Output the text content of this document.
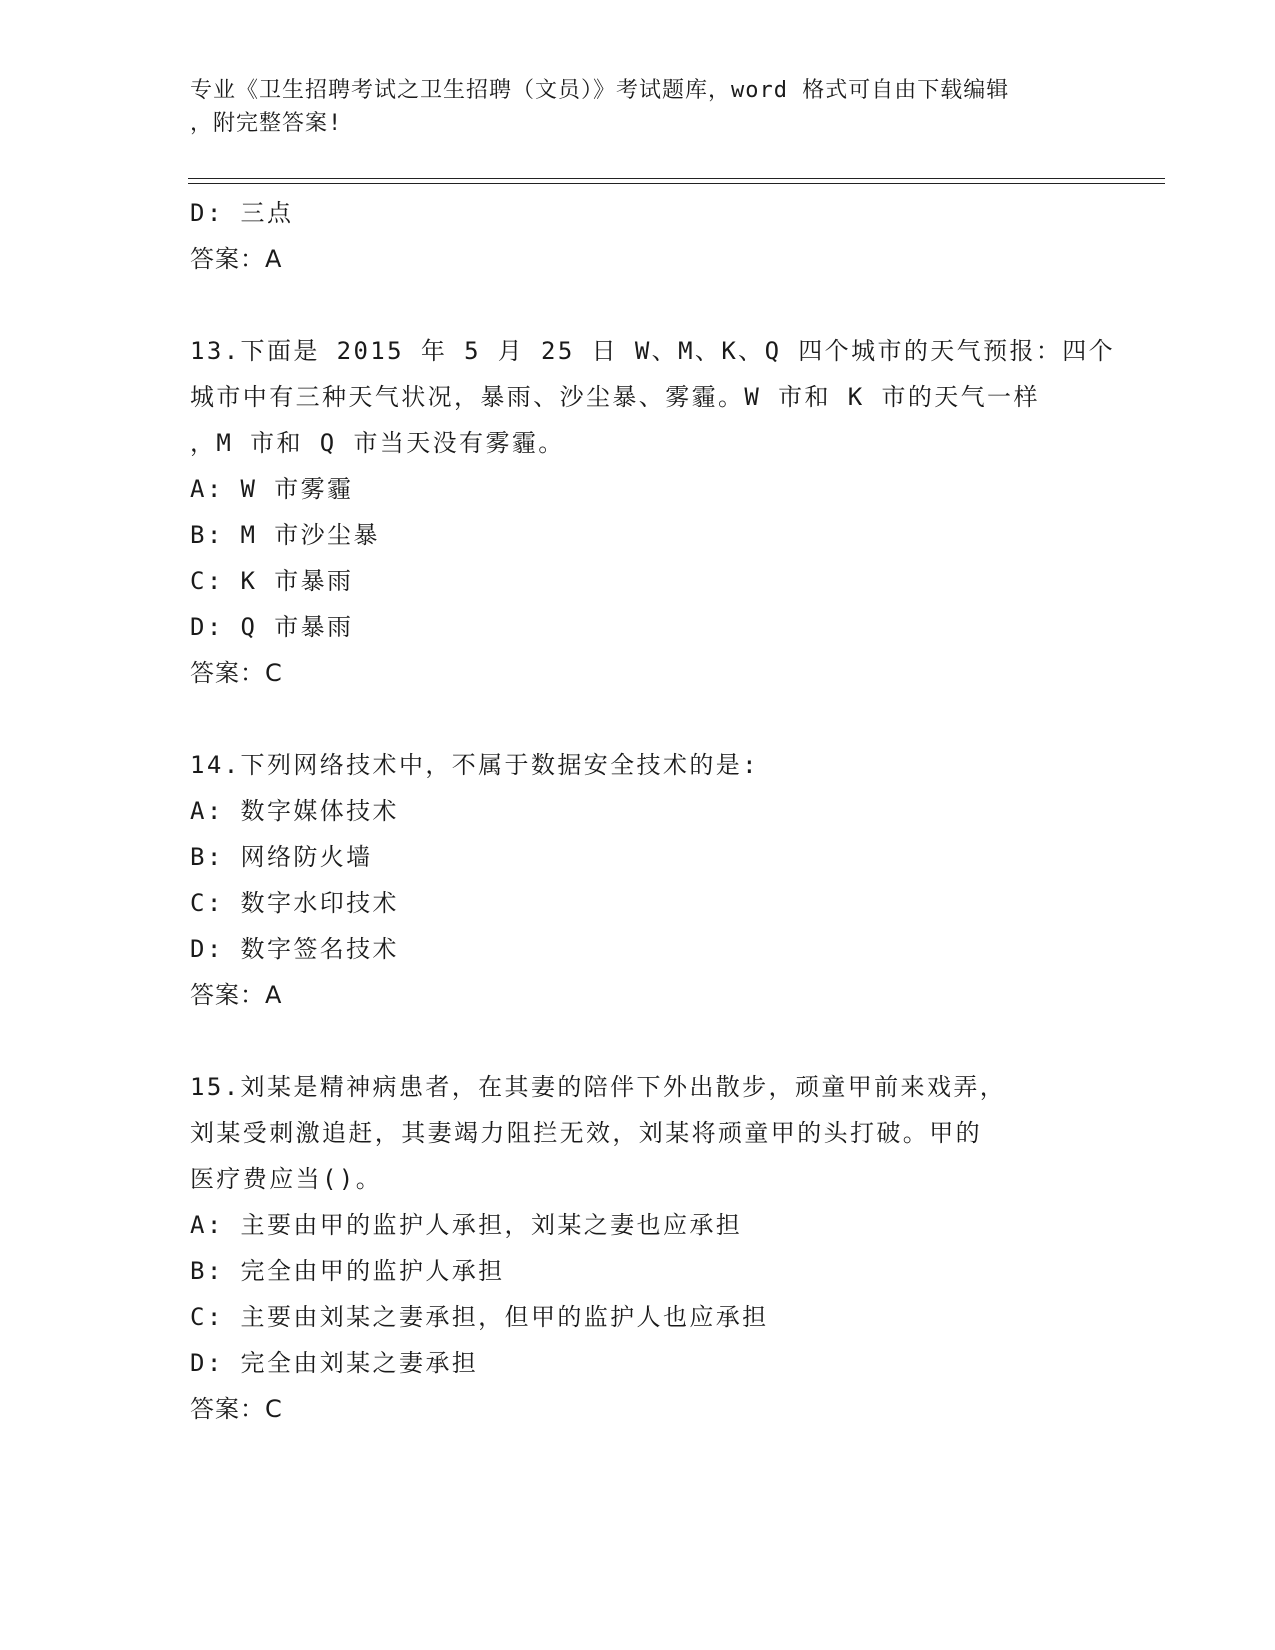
专业《卫生招聘考试之卫生招聘（文员）》考试题库，word 格式可自由下载编辑
，附完整答案!
D: 三点
答案：A
13.下面是 2015 年 5 月 25 日 W、M、K、Q 四个城市的天气预报：四个
城市中有三种天气状况，暴雨、沙尘暴、雾霾。W 市和 K 市的天气一样
，M 市和 Q 市当天没有雾霾。
A: W 市雾霾
B: M 市沙尘暴
C: K 市暴雨
D: Q 市暴雨
答案：C
14.下列网络技术中，不属于数据安全技术的是:
A: 数字媒体技术
B: 网络防火墙
C: 数字水印技术
D: 数字签名技术
答案：A
15.刘某是精神病患者，在其妻的陪伴下外出散步，顽童甲前来戏弄，
刘某受刺激追赶，其妻竭力阻拦无效，刘某将顽童甲的头打破。甲的
医疗费应当()。
A: 主要由甲的监护人承担，刘某之妻也应承担
B: 完全由甲的监护人承担
C: 主要由刘某之妻承担，但甲的监护人也应承担
D: 完全由刘某之妻承担
答案：C
